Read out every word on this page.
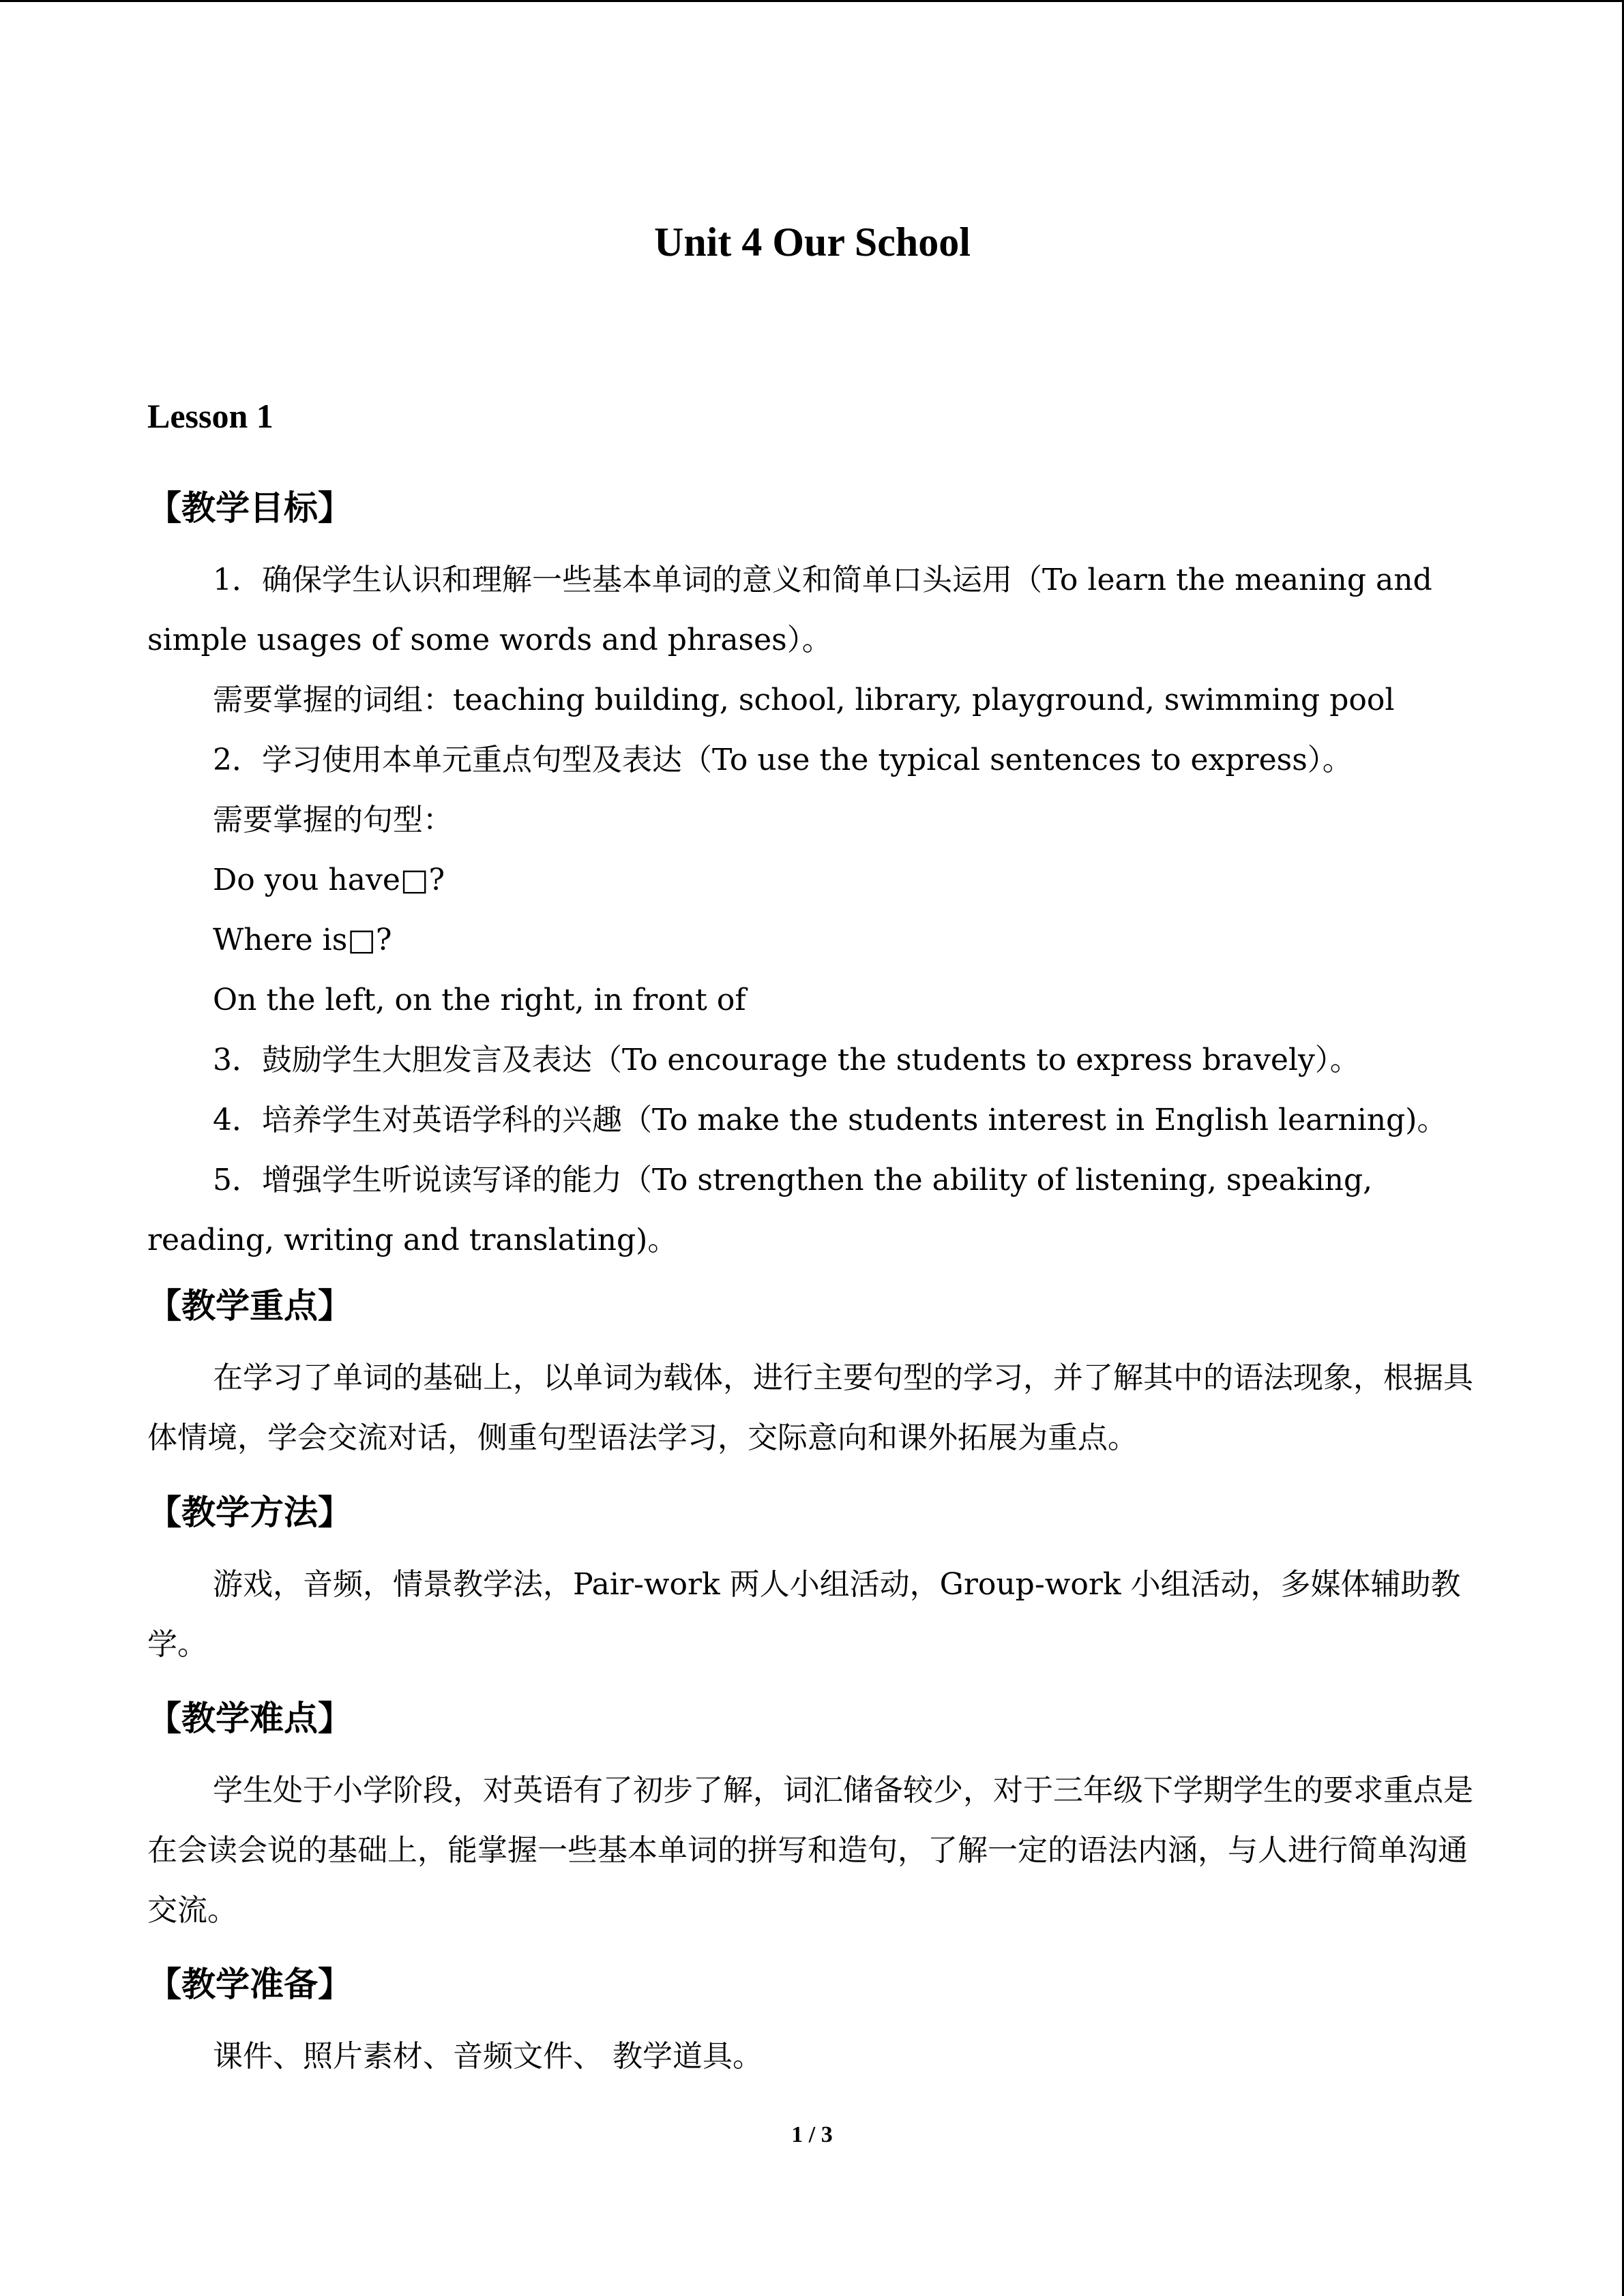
Unit 4 Our School
Lesson 1
【教学目标】

1．确保学生认识和理解一些基本单词的意义和简单口头运用（To learn the meaning and simple usages of some words and phrases）。

需要掌握的词组：teaching building, school, library, playground, swimming pool

2．学习使用本单元重点句型及表达（To use the typical sentences to express）。

需要掌握的句型：

Do you have□?

Where is□?

On the left, on the right, in front of

3．鼓励学生大胆发言及表达（To encourage the students to express bravely）。

4．培养学生对英语学科的兴趣（To make the students interest in English learning)。

5．增强学生听说读写译的能力（To strengthen the ability of listening, speaking, reading, writing and translating)。

【教学重点】

在学习了单词的基础上，以单词为载体，进行主要句型的学习，并了解其中的语法现象，根据具体情境，学会交流对话，侧重句型语法学习，交际意向和课外拓展为重点。

【教学方法】

游戏，音频，情景教学法，Pair-work 两人小组活动，Group-work 小组活动，多媒体辅助教学。

【教学难点】

学生处于小学阶段，对英语有了初步了解，词汇储备较少，对于三年级下学期学生的要求重点是在会读会说的基础上，能掌握一些基本单词的拼写和造句，了解一定的语法内涵，与人进行简单沟通交流。

【教学准备】

课件、照片素材、音频文件、 教学道具。

1 / 3
